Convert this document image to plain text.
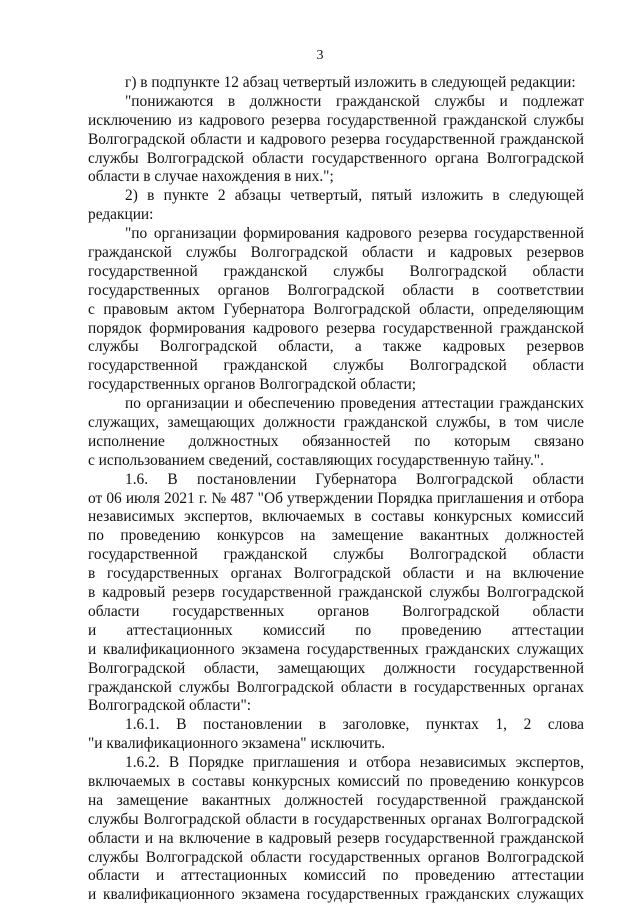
3
г) в подпункте 12 абзац четвертый изложить в следующей редакции:
"понижаются в должности гражданской службы и подлежат
исключению из кадрового резерва государственной гражданской службы
Волгоградской области и кадрового резерва государственной гражданской
службы Волгоградской области государственного органа Волгоградской
области в случае нахождения в них.";
2) в пункте 2 абзацы четвертый, пятый изложить в следующей
редакции:
"по организации формирования кадрового резерва государственной
гражданской службы Волгоградской области и кадровых резервов
государственной гражданской службы Волгоградской области
государственных органов Волгоградской области в соответствии
с правовым актом Губернатора Волгоградской области, определяющим
порядок формирования кадрового резерва государственной гражданской
службы Волгоградской области, а также кадровых резервов
государственной гражданской службы Волгоградской области
государственных органов Волгоградской области;
по организации и обеспечению проведения аттестации гражданских
служащих, замещающих должности гражданской службы, в том числе
исполнение должностных обязанностей по которым связано
с использованием сведений, составляющих государственную тайну.".
1.6. В постановлении Губернатора Волгоградской области
от 06 июля 2021 г. № 487 "Об утверждении Порядка приглашения и отбора
независимых экспертов, включаемых в составы конкурсных комиссий
по проведению конкурсов на замещение вакантных должностей
государственной гражданской службы Волгоградской области
в государственных органах Волгоградской области и на включение
в кадровый резерв государственной гражданской службы Волгоградской
области государственных органов Волгоградской области
и аттестационных комиссий по проведению аттестации
и квалификационного экзамена государственных гражданских служащих
Волгоградской области, замещающих должности государственной
гражданской службы Волгоградской области в государственных органах
Волгоградской области":
1.6.1. В постановлении в заголовке, пунктах 1, 2 слова
"и квалификационного экзамена" исключить.
1.6.2. В Порядке приглашения и отбора независимых экспертов,
включаемых в составы конкурсных комиссий по проведению конкурсов
на замещение вакантных должностей государственной гражданской
службы Волгоградской области в государственных органах Волгоградской
области и на включение в кадровый резерв государственной гражданской
службы Волгоградской области государственных органов Волгоградской
области и аттестационных комиссий по проведению аттестации
и квалификационного экзамена государственных гражданских служащих
